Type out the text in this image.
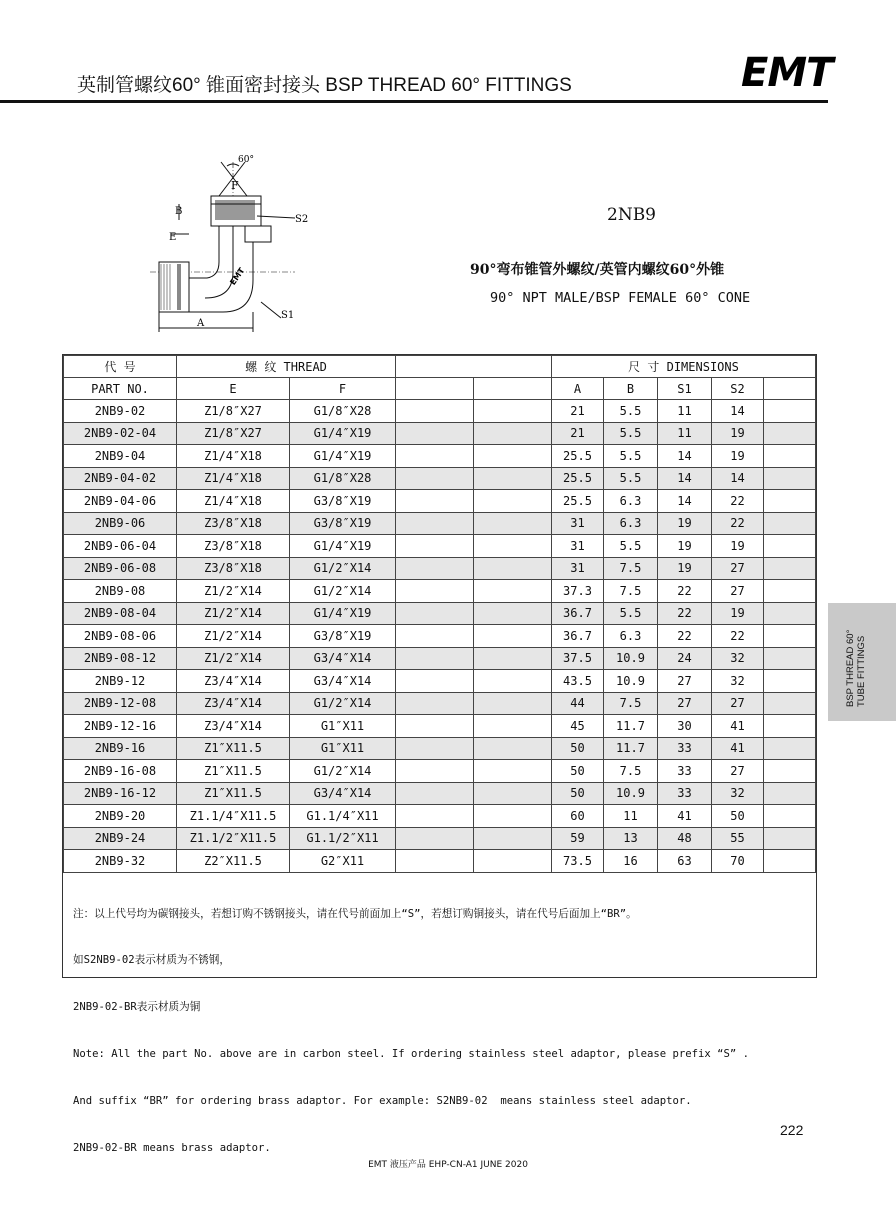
英制管螺纹60° 锥面密封接头 BSP THREAD 60° FITTINGS	EMT
60°
F
B
E
S2
S1
A
EMT
2NB9
90°弯布锥管外螺纹/英管内螺纹60°外锥
90° NPT MALE/BSP FEMALE 60° CONE
代 号	螺 纹 THREAD				尺 寸 DIMENSIONS				
PART NO.	E	F			A	B	S1	S2	
2NB9-02	Z1/8″X27	G1/8″X28			21	5.5	11	14	
2NB9-02-04	Z1/8″X27	G1/4″X19			21	5.5	11	19	
2NB9-04	Z1/4″X18	G1/4″X19			25.5	5.5	14	19	
2NB9-04-02	Z1/4″X18	G1/8″X28			25.5	5.5	14	14	
2NB9-04-06	Z1/4″X18	G3/8″X19			25.5	6.3	14	22	
2NB9-06	Z3/8″X18	G3/8″X19			31	6.3	19	22	
2NB9-06-04	Z3/8″X18	G1/4″X19			31	5.5	19	19	
2NB9-06-08	Z3/8″X18	G1/2″X14			31	7.5	19	27	
2NB9-08	Z1/2″X14	G1/2″X14			37.3	7.5	22	27	
2NB9-08-04	Z1/2″X14	G1/4″X19			36.7	5.5	22	19	
2NB9-08-06	Z1/2″X14	G3/8″X19			36.7	6.3	22	22	
2NB9-08-12	Z1/2″X14	G3/4″X14			37.5	10.9	24	32	
2NB9-12	Z3/4″X14	G3/4″X14			43.5	10.9	27	32	
2NB9-12-08	Z3/4″X14	G1/2″X14			44	7.5	27	27	
2NB9-12-16	Z3/4″X14	G1″X11			45	11.7	30	41	
2NB9-16	Z1″X11.5	G1″X11			50	11.7	33	41	
2NB9-16-08	Z1″X11.5	G1/2″X14			50	7.5	33	27	
2NB9-16-12	Z1″X11.5	G3/4″X14			50	10.9	33	32	
2NB9-20	Z1.1/4″X11.5	G1.1/4″X11			60	11	41	50	
2NB9-24	Z1.1/2″X11.5	G1.1/2″X11			59	13	48	55	
2NB9-32	Z2″X11.5	G2″X11			73.5	16	63	70	

注：以上代号均为碳钢接头，若想订购不锈钢接头，请在代号前面加上“S”，若想订购铜接头，请在代号后面加上“BR”。

如S2NB9-02表示材质为不锈钢，

2NB9-02-BR表示材质为铜

Note: All the part No. above are in carbon steel. If ordering stainless steel adaptor, please prefix “S” .

And suffix “BR” for ordering brass adaptor. For example: S2NB9-02  means stainless steel adaptor.

2NB9-02-BR means brass adaptor.

BSP THREAD 60° TUBE FITTINGS
222
EMT 液压产品 EHP-CN-A1 JUNE 2020
